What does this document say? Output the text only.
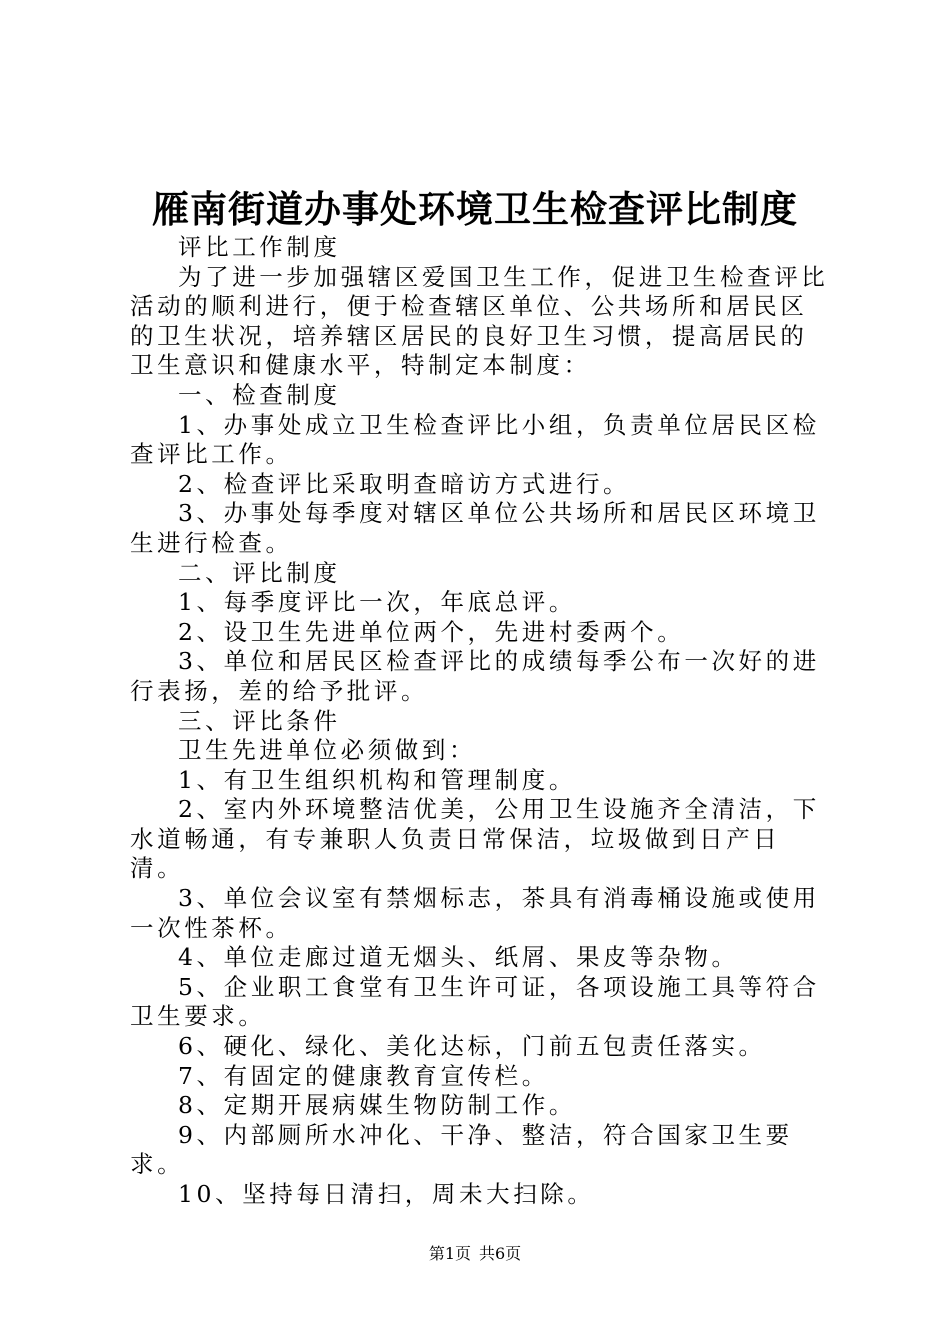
雁南街道办事处环境卫生检查评比制度

评比工作制度

为了进一步加强辖区爱国卫生工作，促进卫生检查评比活动的顺利进行，便于检查辖区单位、公共场所和居民区的卫生状况，培养辖区居民的良好卫生习惯，提高居民的卫生意识和健康水平，特制定本制度：

一、检查制度

1、办事处成立卫生检查评比小组，负责单位居民区检查评比工作。

2、检查评比采取明查暗访方式进行。

3、办事处每季度对辖区单位公共场所和居民区环境卫生进行检查。

二、评比制度

1、每季度评比一次，年底总评。

2、设卫生先进单位两个，先进村委两个。

3、单位和居民区检查评比的成绩每季公布一次好的进行表扬，差的给予批评。

三、评比条件

卫生先进单位必须做到：

1、有卫生组织机构和管理制度。

2、室内外环境整洁优美，公用卫生设施齐全清洁，下水道畅通，有专兼职人负责日常保洁，垃圾做到日产日清。

3、单位会议室有禁烟标志，茶具有消毒桶设施或使用一次性茶杯。

4、单位走廊过道无烟头、纸屑、果皮等杂物。

5、企业职工食堂有卫生许可证，各项设施工具等符合卫生要求。

6、硬化、绿化、美化达标，门前五包责任落实。

7、有固定的健康教育宣传栏。

8、定期开展病媒生物防制工作。

9、内部厕所水冲化、干净、整洁，符合国家卫生要求。

10、坚持每日清扫，周未大扫除。

第1页 共6页
